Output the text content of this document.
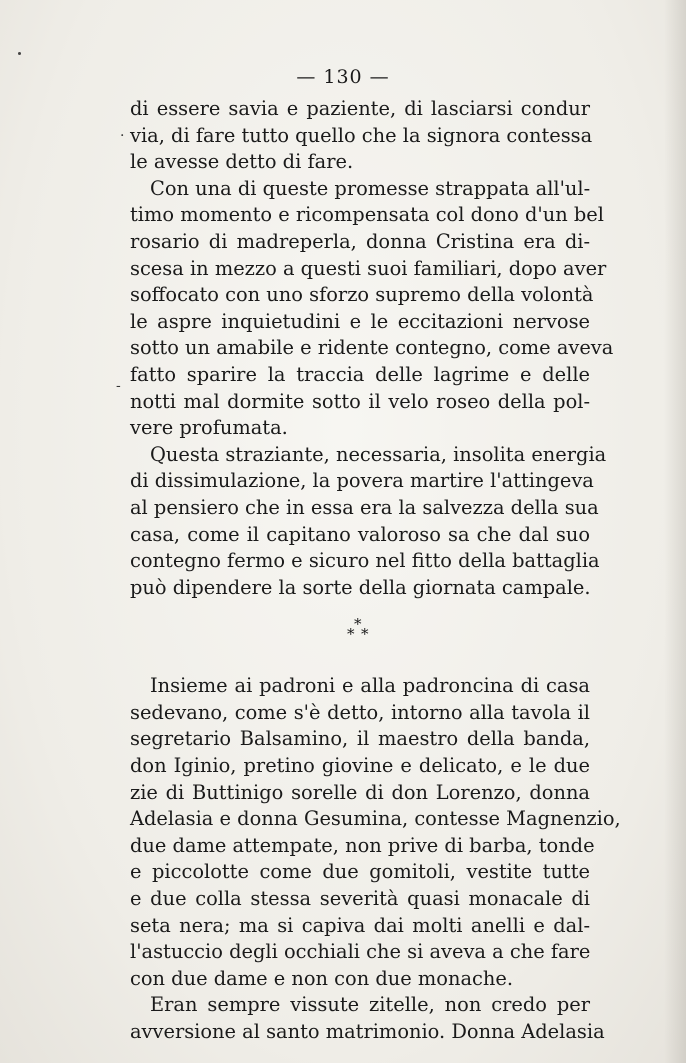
— 130 —
·
-
di essere savia e paziente, di lasciarsi condur
via, di fare tutto quello che la signora contessa
le avesse detto di fare.
Con una di queste promesse strappata all'ul-
timo momento e ricompensata col dono d'un bel
rosario di madreperla, donna Cristina era di-
scesa in mezzo a questi suoi familiari, dopo aver
soffocato con uno sforzo supremo della volontà
le aspre inquietudini e le eccitazioni nervose
sotto un amabile e ridente contegno, come aveva
fatto sparire la traccia delle lagrime e delle
notti mal dormite sotto il velo roseo della pol-
vere profumata.
Questa straziante, necessaria, insolita energia
di dissimulazione, la povera martire l'attingeva
al pensiero che in essa era la salvezza della sua
casa, come il capitano valoroso sa che dal suo
contegno fermo e sicuro nel fitto della battaglia
può dipendere la sorte della giornata campale.
*
* *
Insieme ai padroni e alla padroncina di casa
sedevano, come s'è detto, intorno alla tavola il
segretario Balsamino, il maestro della banda,
don Iginio, pretino giovine e delicato, e le due
zie di Buttinigo sorelle di don Lorenzo, donna
Adelasia e donna Gesumina, contesse Magnenzio,
due dame attempate, non prive di barba, tonde
e piccolotte come due gomitoli, vestite tutte
e due colla stessa severità quasi monacale di
seta nera; ma si capiva dai molti anelli e dal-
l'astuccio degli occhiali che si aveva a che fare
con due dame e non con due monache.
Eran sempre vissute zitelle, non credo per
avversione al santo matrimonio. Donna Adelasia
